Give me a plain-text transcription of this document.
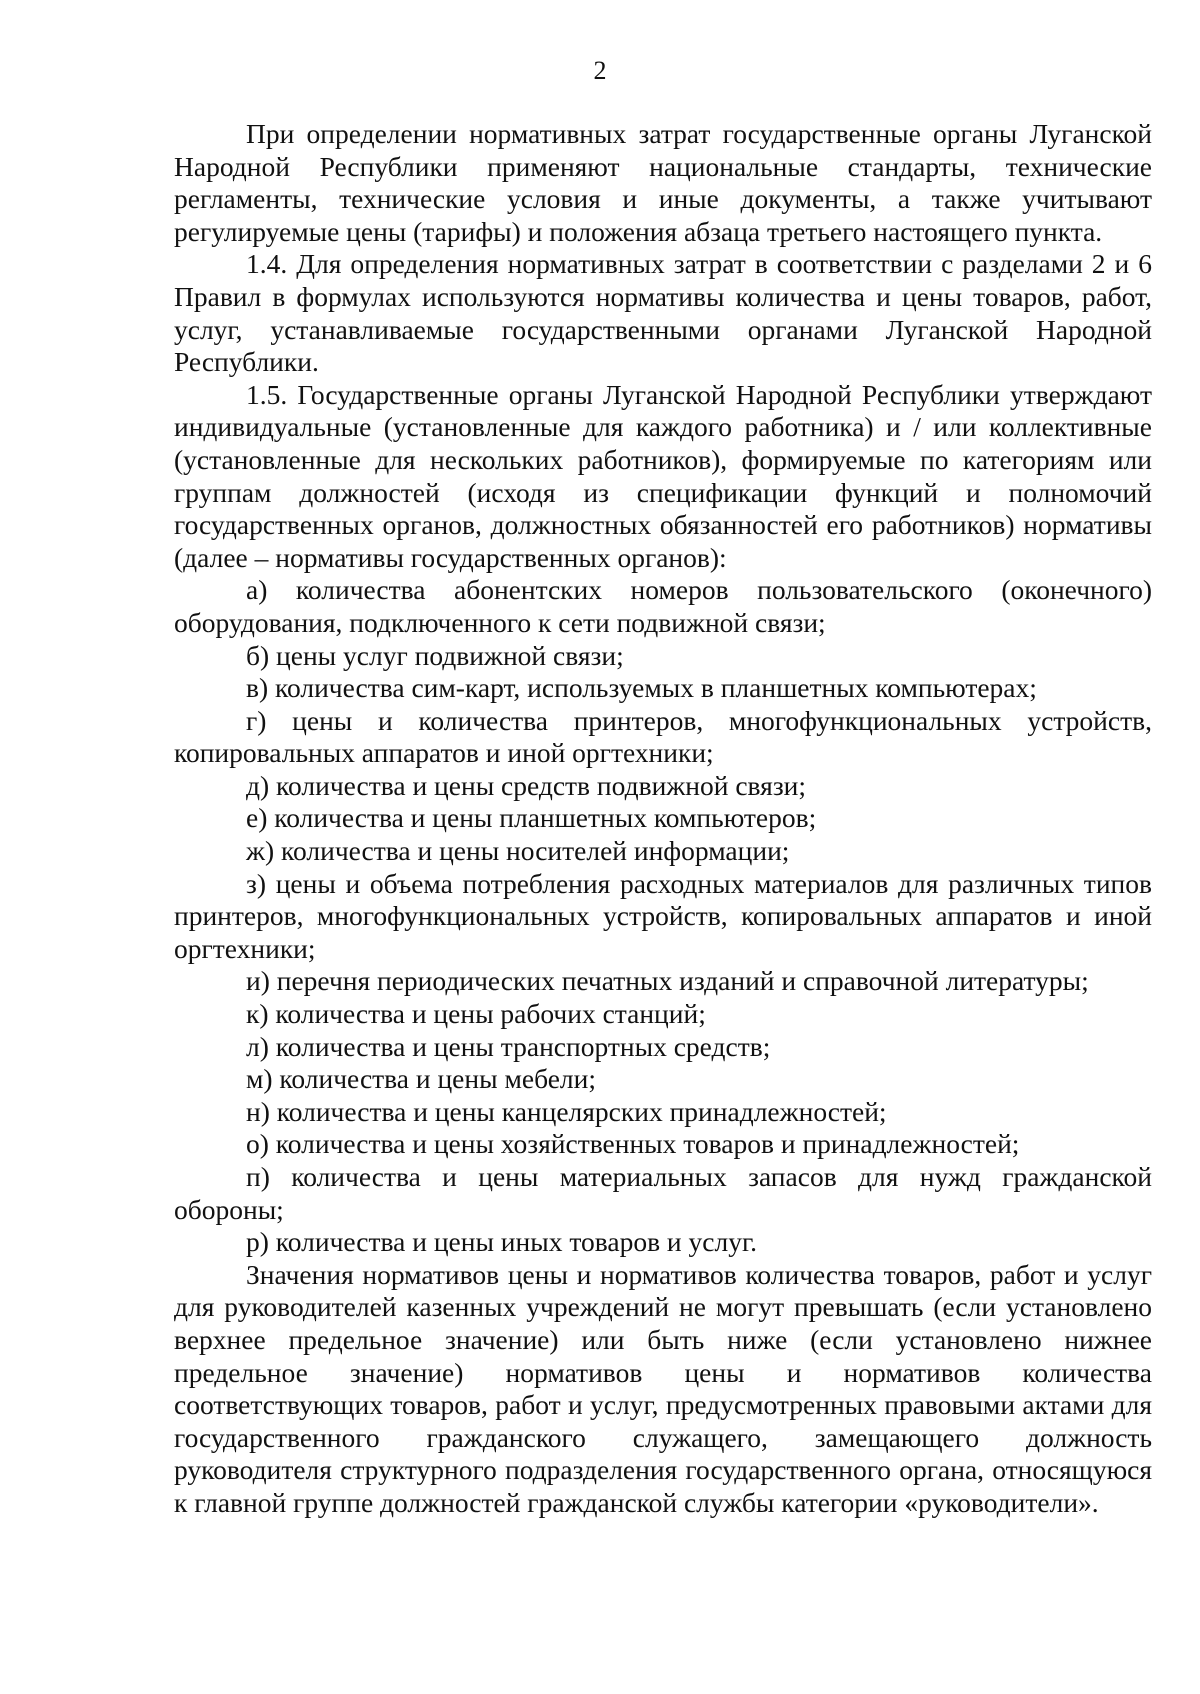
2

При определении нормативных затрат государственные органы Луганской Народной Республики применяют национальные стандарты, технические регламенты, технические условия и иные документы, а также учитывают регулируемые цены (тарифы) и положения абзаца третьего настоящего пункта.

1.4. Для определения нормативных затрат в соответствии с разделами 2 и 6 Правил в формулах используются нормативы количества и цены товаров, работ, услуг, устанавливаемые государственными органами Луганской Народной Республики.

1.5. Государственные органы Луганской Народной Республики утверждают индивидуальные (установленные для каждого работника) и / или коллективные (установленные для нескольких работников), формируемые по категориям или группам должностей (исходя из спецификации функций и полномочий государственных органов, должностных обязанностей его работников) нормативы (далее – нормативы государственных органов):

а) количества абонентских номеров пользовательского (оконечного) оборудования, подключенного к сети подвижной связи;

б) цены услуг подвижной связи;

в) количества сим-карт, используемых в планшетных компьютерах;

г) цены и количества принтеров, многофункциональных устройств, копировальных аппаратов и иной оргтехники;

д) количества и цены средств подвижной связи;

е) количества и цены планшетных компьютеров;

ж) количества и цены носителей информации;

з) цены и объема потребления расходных материалов для различных типов принтеров, многофункциональных устройств, копировальных аппаратов и иной оргтехники;

и) перечня периодических печатных изданий и справочной литературы;

к) количества и цены рабочих станций;

л) количества и цены транспортных средств;

м) количества и цены мебели;

н) количества и цены канцелярских принадлежностей;

о) количества и цены хозяйственных товаров и принадлежностей;

п) количества и цены материальных запасов для нужд гражданской обороны;

р) количества и цены иных товаров и услуг.

Значения нормативов цены и нормативов количества товаров, работ и услуг для руководителей казенных учреждений не могут превышать (если установлено верхнее предельное значение) или быть ниже (если установлено нижнее предельное значение) нормативов цены и нормативов количества соответствующих товаров, работ и услуг, предусмотренных правовыми актами для государственного гражданского служащего, замещающего должность руководителя структурного подразделения государственного органа, относящуюся к главной группе должностей гражданской службы категории «руководители».
